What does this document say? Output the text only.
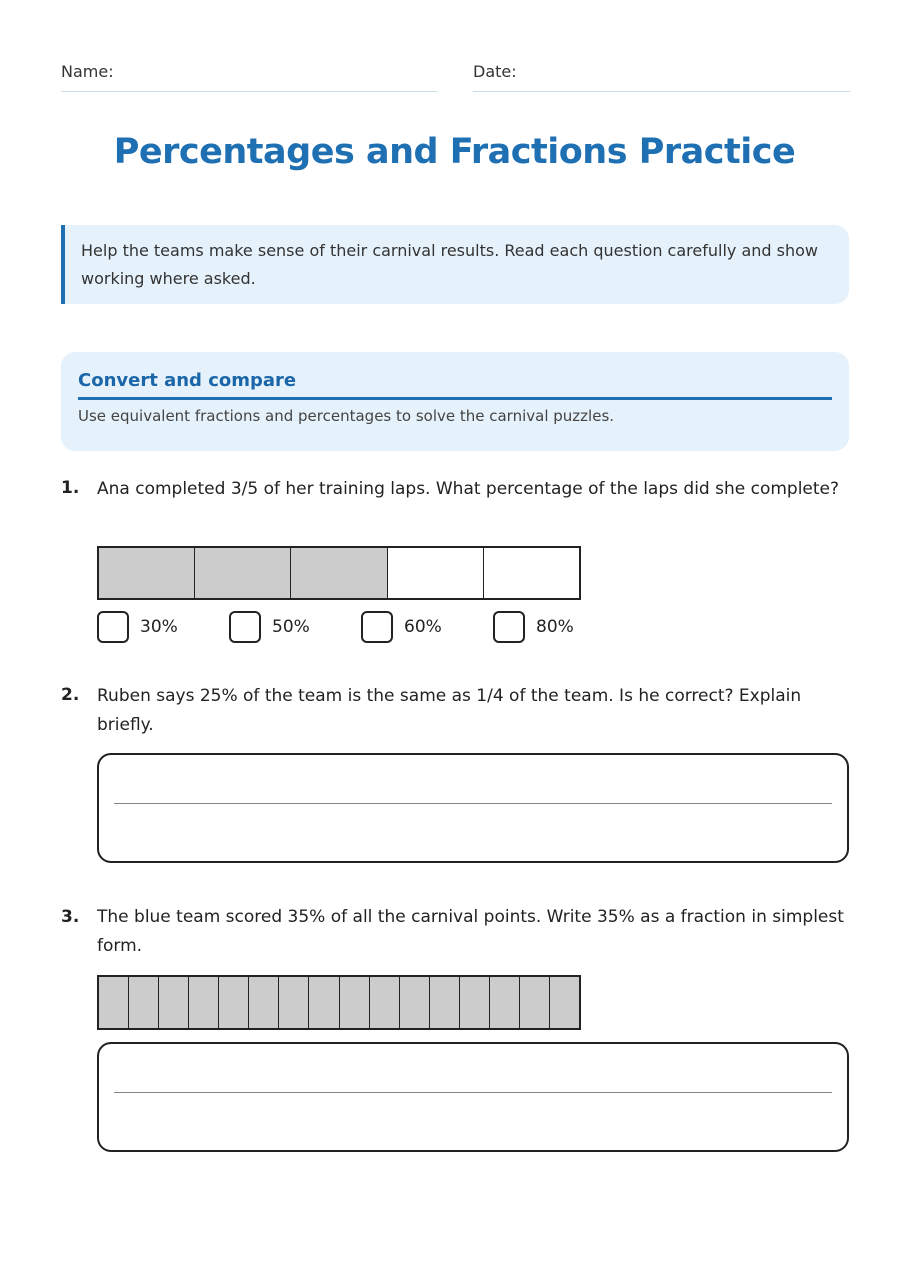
Name:	Date:
Percentages and Fractions Practice
Help the teams make sense of their carnival results. Read each question carefully and show working where asked.
Convert and compare
Use equivalent fractions and percentages to solve the carnival puzzles.
1. Ana completed 3/5 of her training laps. What percentage of the laps did she complete?
30%	50%	60%	80%
2. Ruben says 25% of the team is the same as 1/4 of the team. Is he correct? Explain briefly.
3. The blue team scored 35% of all the carnival points. Write 35% as a fraction in simplest form.
